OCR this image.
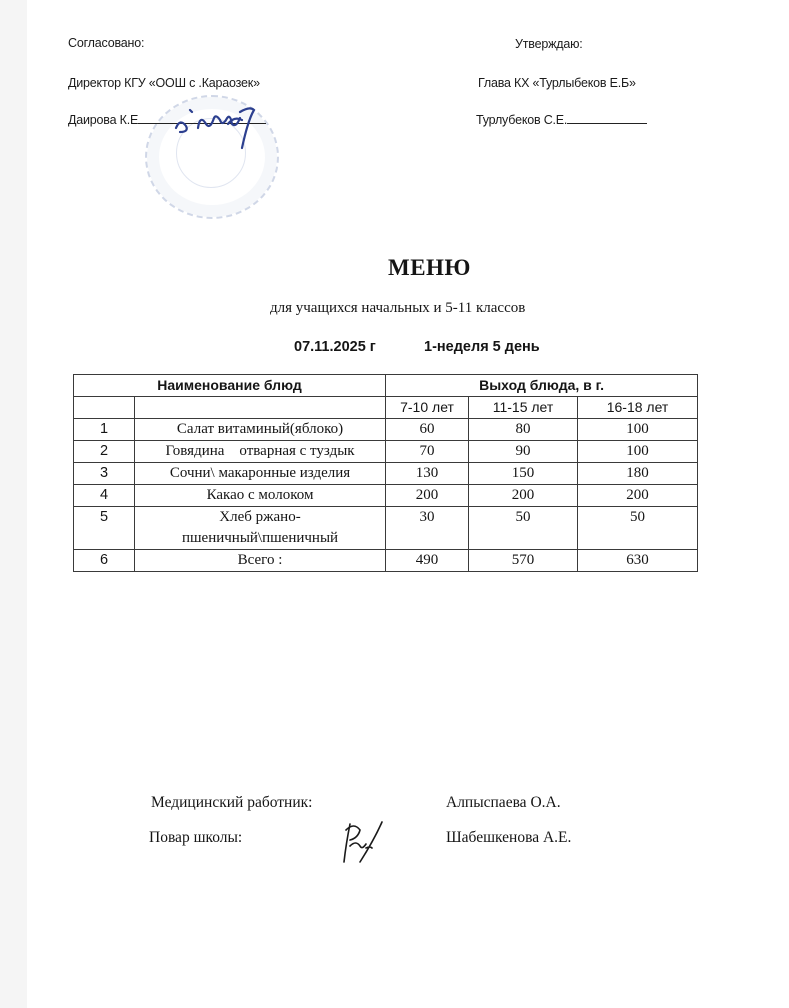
Согласовано:
Директор КГУ «ООШ с .Караозек»
Даирова К.Е
Утверждаю:
Глава КХ «Турлыбеков Е.Б»
Турлубеков С.Е.
МЕНЮ
для учащихся начальных и 5-11 классов
07.11.2025 г	1-неделя 5 день
Наименование блюд		Выход блюда, в г.		
		7-10 лет	11-15 лет	16-18 лет
1	Салат витаминый(яблоко)	60	80	100
2	Говядина    отварная с туздык	70	90	100
3	Сочни\ макаронные изделия	130	150	180
4	Какао с молоком	200	200	200
5	Хлеб ржано-
пшеничный\пшеничный	30	50	50
6	Всего :	490	570	630
Медицинский работник:	Алпыспаева О.А.
Повар школы:	Шабешкенова А.Е.
